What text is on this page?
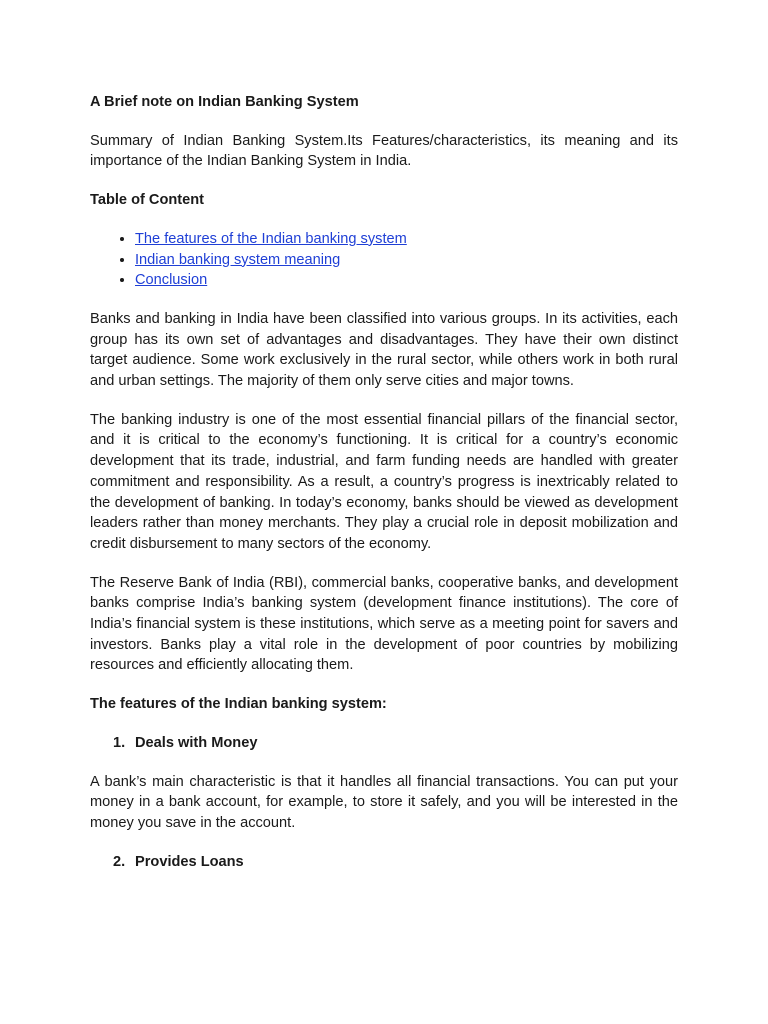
A Brief note on Indian Banking System
Summary of Indian Banking System.Its Features/characteristics, its meaning and its importance of the Indian Banking System in India.
Table of Content
• The features of the Indian banking system
• Indian banking system meaning
• Conclusion
Banks and banking in India have been classified into various groups. In its activities, each group has its own set of advantages and disadvantages. They have their own distinct target audience. Some work exclusively in the rural sector, while others work in both rural and urban settings. The majority of them only serve cities and major towns.
The banking industry is one of the most essential financial pillars of the financial sector, and it is critical to the economy’s functioning. It is critical for a country’s economic development that its trade, industrial, and farm funding needs are handled with greater commitment and responsibility. As a result, a country’s progress is inextricably related to the development of banking. In today’s economy, banks should be viewed as development leaders rather than money merchants. They play a crucial role in deposit mobilization and credit disbursement to many sectors of the economy.
The Reserve Bank of India (RBI), commercial banks, cooperative banks, and development banks comprise India’s banking system (development finance institutions). The core of India’s financial system is these institutions, which serve as a meeting point for savers and investors. Banks play a vital role in the development of poor countries by mobilizing resources and efficiently allocating them.
The features of the Indian banking system:
1. Deals with Money
A bank’s main characteristic is that it handles all financial transactions. You can put your money in a bank account, for example, to store it safely, and you will be interested in the money you save in the account.
2. Provides Loans
